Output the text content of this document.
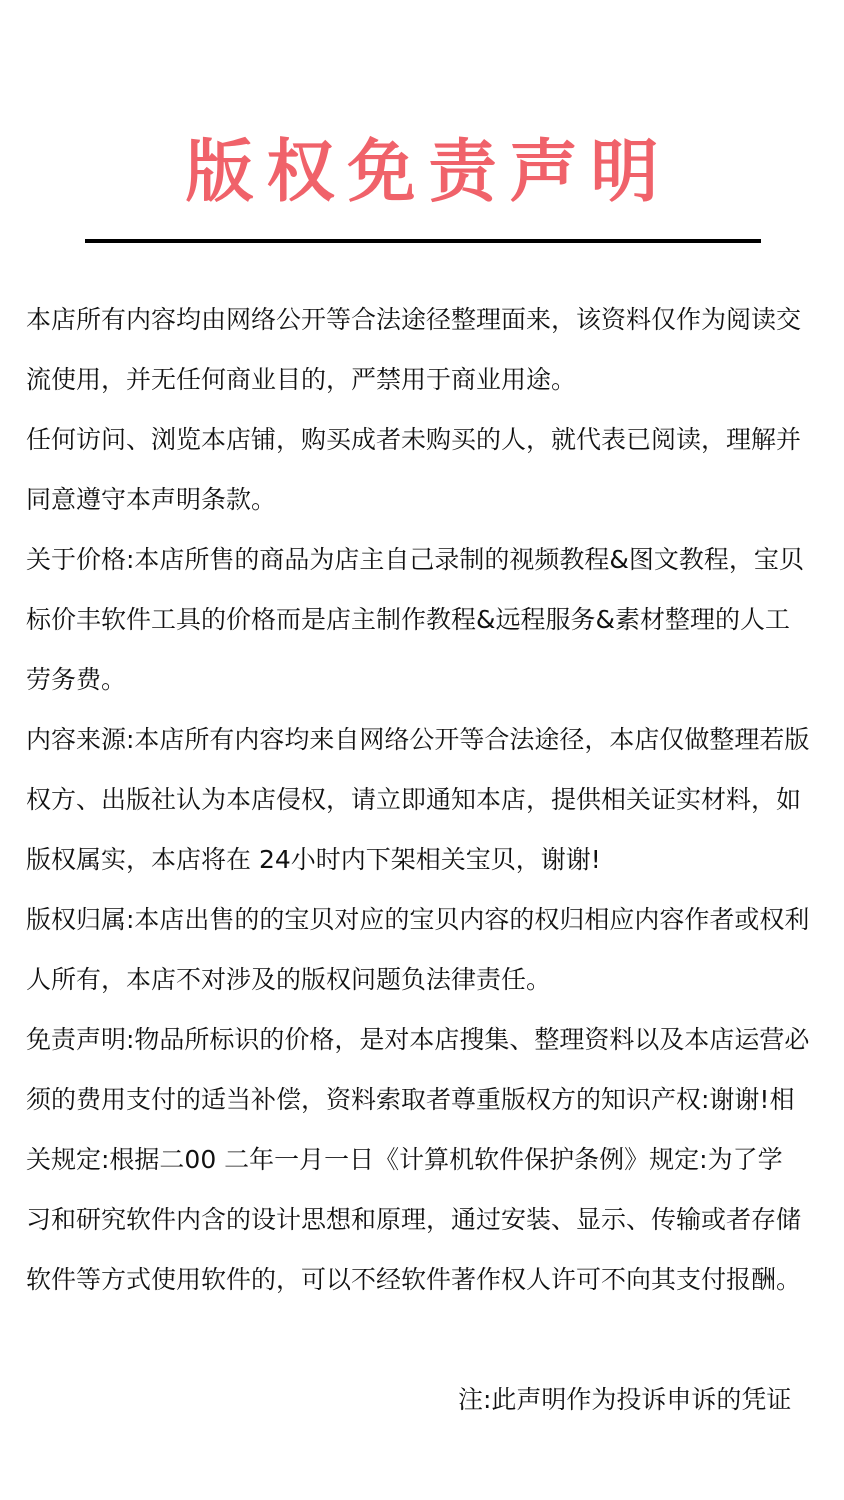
版权免责声明
本店所有内容均由网络公开等合法途径整理面来，该资料仅作为阅读交
流使用，并无任何商业目的，严禁用于商业用途。
任何访问、浏览本店铺，购买成者未购买的人，就代表已阅读，理解并
同意遵守本声明条款。
关于价格:本店所售的商品为店主自己录制的视频教程&图文教程，宝贝
标价丰软件工具的价格而是店主制作教程&远程服务&素材整理的人工
劳务费。
内容来源:本店所有内容均来自网络公开等合法途径，本店仅做整理若版
权方、出版社认为本店侵权，请立即通知本店，提供相关证实材料，如
版权属实，本店将在 24小时内下架相关宝贝，谢谢!
版权归属:本店出售的的宝贝对应的宝贝内容的权归相应内容作者或权利
人所有，本店不对涉及的版权问题负法律责任。
免责声明:物品所标识的价格，是对本店搜集、整理资料以及本店运营必
须的费用支付的适当补偿，资料索取者尊重版权方的知识产权:谢谢!相
关规定:根据二00 二年一月一日《计算机软件保护条例》规定:为了学
习和研究软件内含的设计思想和原理，通过安装、显示、传输或者存储
软件等方式使用软件的，可以不经软件著作权人许可不向其支付报酬。
注:此声明作为投诉申诉的凭证
